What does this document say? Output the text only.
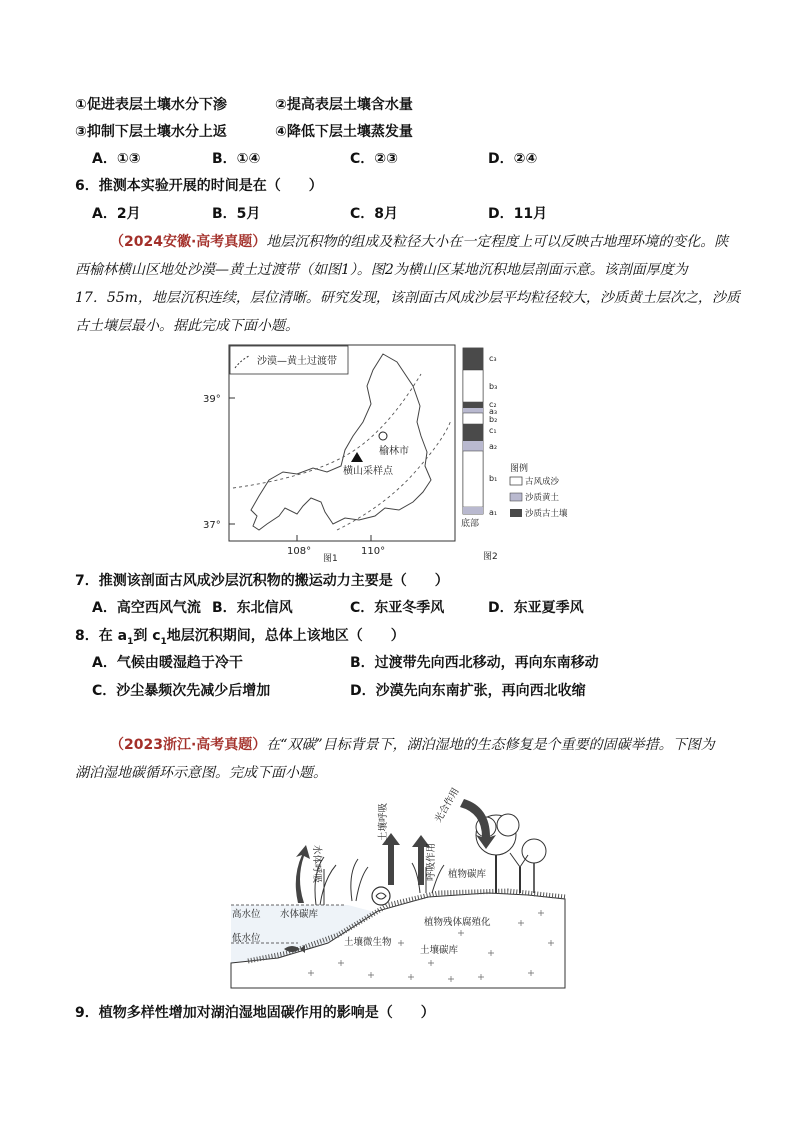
①促进表层土壤水分下渗	②提高表层土壤含水量
③抑制下层土壤水分上返	④降低下层土壤蒸发量
A．①③	B．①④	C．②③	D．②④
6．推测本实验开展的时间是在（　　）
A．2月	B．5月	C．8月	D．11月
（2024安徽·高考真题）地层沉积物的组成及粒径大小在一定程度上可以反映古地理环境的变化。陕
西榆林横山区地处沙漠—黄土过渡带（如图1）。图2为横山区某地沉积地层剖面示意。该剖面厚度为
17．55m，地层沉积连续，层位清晰。研究发现，该剖面古风成沙层平均粒径较大，沙质黄土层次之，沙质
古土壤层最小。据此完成下面小题。
沙漠—黄土过渡带
39°
37°
108°	110°
榆林市
横山采样点
图1
c₃
b₃
c₂
a₃
b₂
c₁
a₂
b₁
a₁
底部
图例
古风成沙
沙质黄土
沙质古土壤
图2
7．推测该剖面古风成沙层沉积物的搬运动力主要是（　　）
A．高空西风气流 B．东北信风	C．东亚冬季风	D．东亚夏季风
8．在 $a_1$到 $c_1$地层沉积期间，总体上该地区（　　）
A．气候由暖湿趋于冷干	B．过渡带先向西北移动，再向东南移动
C．沙尘暴频次先减少后增加	D．沙漠先向东南扩张，再向西北收缩
（2023浙江·高考真题）在“双碳”目标背景下，湖泊湿地的生态修复是个重要的固碳举措。下图为
湖泊湿地碳循环示意图。完成下面小题。
水体呼吸
土壤呼吸
呼吸作用
光合作用
植物碳库
高水位 水体碳库
低水位	土壤微生物
植物残体腐殖化
土壤碳库
9．植物多样性增加对湖泊湿地固碳作用的影响是（　　）
